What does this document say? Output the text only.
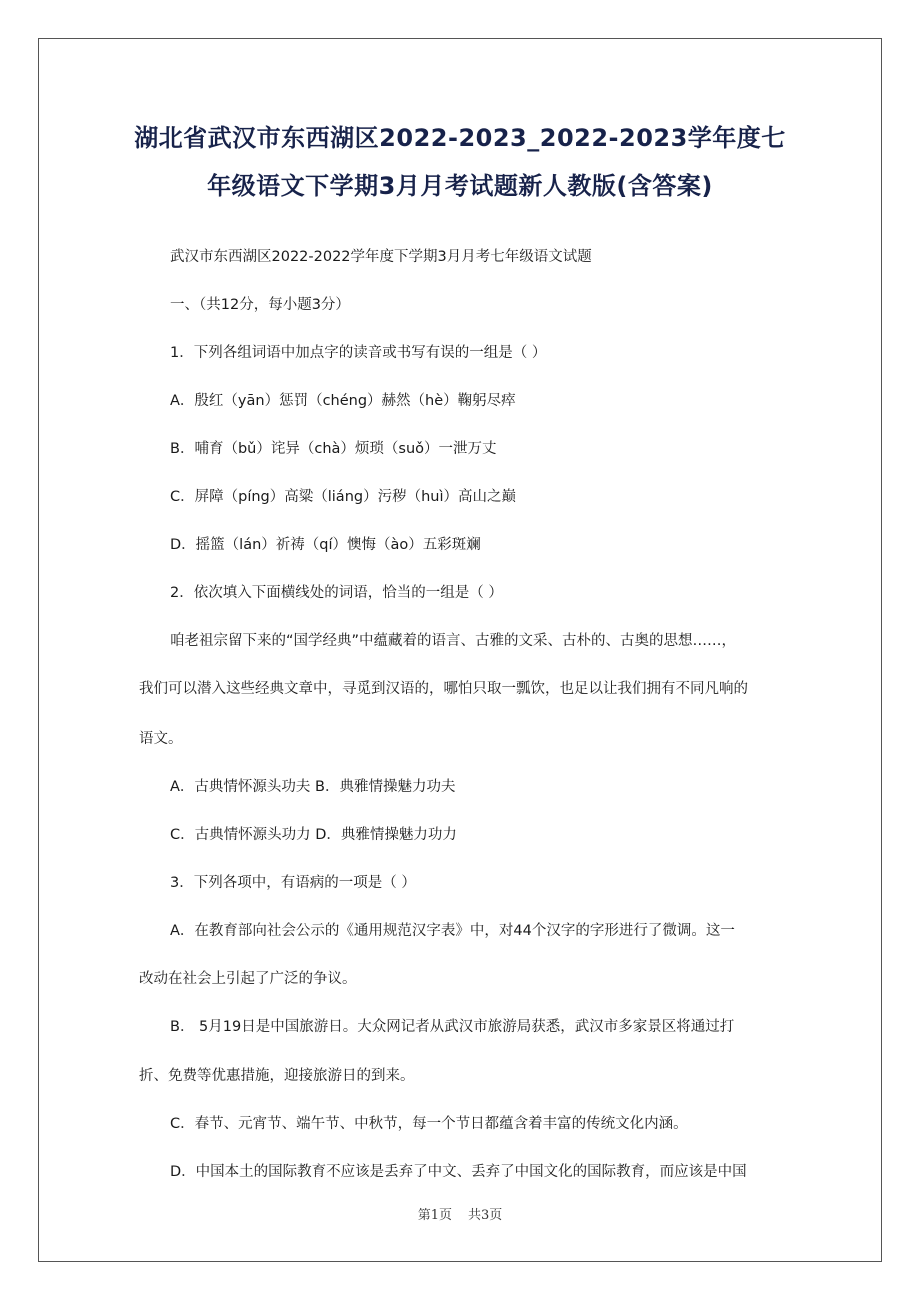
湖北省武汉市东西湖区2022-2023_2022-2023学年度七
年级语文下学期3月月考试题新人教版(含答案)
武汉市东西湖区2022-2022学年度下学期3月月考七年级语文试题
一、（共12分，每小题3分）
1．下列各组词语中加点字的读音或书写有误的一组是（ ）
A．殷红（yān）惩罚（chéng）赫然（hè）鞠躬尽瘁
B．哺育（bǔ）诧异（chà）烦琐（suǒ）一泄万丈
C．屏障（píng）高粱（liáng）污秽（huì）高山之巅
D．摇篮（lán）祈祷（qí）懊悔（ào）五彩斑斓
2．依次填入下面横线处的词语，恰当的一组是（ ）
咱老祖宗留下来的“国学经典”中蕴藏着的语言、古雅的文采、古朴的、古奥的思想……，
我们可以潜入这些经典文章中，寻觅到汉语的，哪怕只取一瓢饮，也足以让我们拥有不同凡响的
语文。
A．古典情怀源头功夫 B．典雅情操魅力功夫
C．古典情怀源头功力 D．典雅情操魅力功力
3．下列各项中，有语病的一项是（ ）
A．在教育部向社会公示的《通用规范汉字表》中，对44个汉字的字形进行了微调。这一
改动在社会上引起了广泛的争议。
B． 5月19日是中国旅游日。大众网记者从武汉市旅游局获悉，武汉市多家景区将通过打
折、免费等优惠措施，迎接旅游日的到来。
C．春节、元宵节、端午节、中秋节，每一个节日都蕴含着丰富的传统文化内涵。
D．中国本土的国际教育不应该是丢弃了中文、丢弃了中国文化的国际教育，而应该是中国
第1页 共3页
